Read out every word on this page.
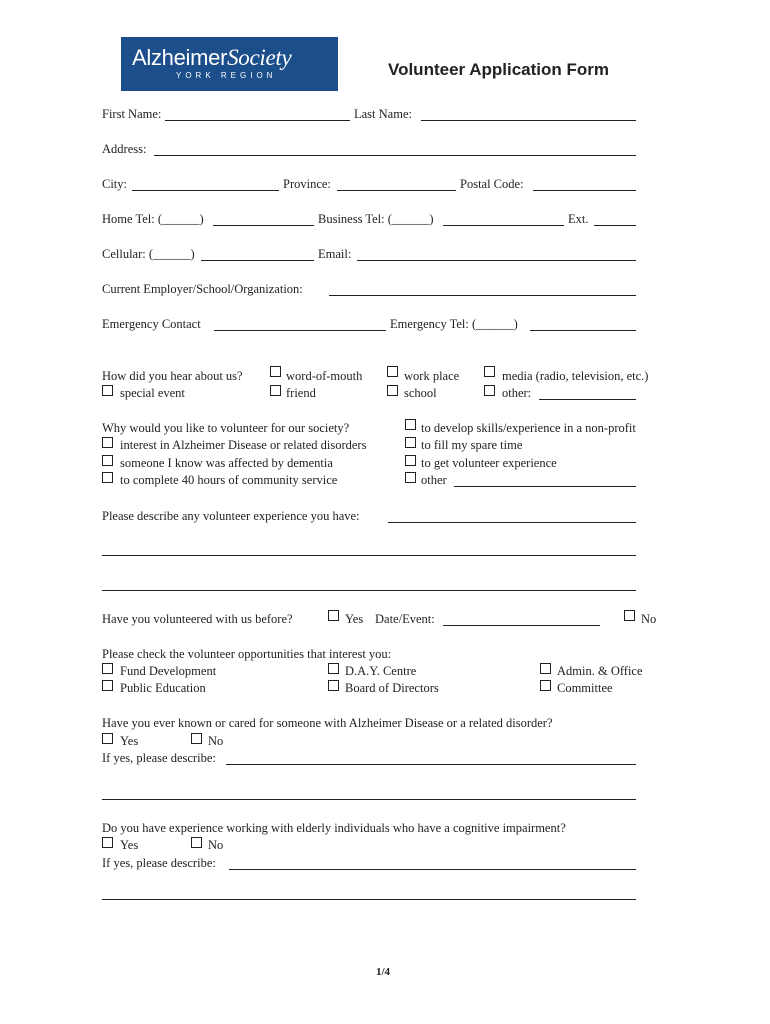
AlzheimerSociety
YORK REGION	Volunteer Application Form
First Name:	Last Name:
Address:
City:	Province:	Postal Code:
Home Tel: (______)	Business Tel: (______)	Ext.
Cellular: (______)	Email:
Current Employer/School/Organization:
Emergency Contact	Emergency Tel: (______)
How did you hear about us?	word-of-mouth	work place	media (radio, television, etc.)
special event	friend	school	other:
Why would you like to volunteer for our society?	to develop skills/experience in a non-profit
interest in Alzheimer Disease or related disorders	to fill my spare time
someone I know was affected by dementia	to get volunteer experience
to complete 40 hours of community service	other
Please describe any volunteer experience you have:
Have you volunteered with us before?	Yes Date/Event:	No
Please check the volunteer opportunities that interest you:
Fund Development	D.A.Y. Centre	Admin. & Office
Public Education	Board of Directors	Committee
Have you ever known or cared for someone with Alzheimer Disease or a related disorder?
Yes	No
If yes, please describe:
Do you have experience working with elderly individuals who have a cognitive impairment?
Yes	No
If yes, please describe:
1/4
